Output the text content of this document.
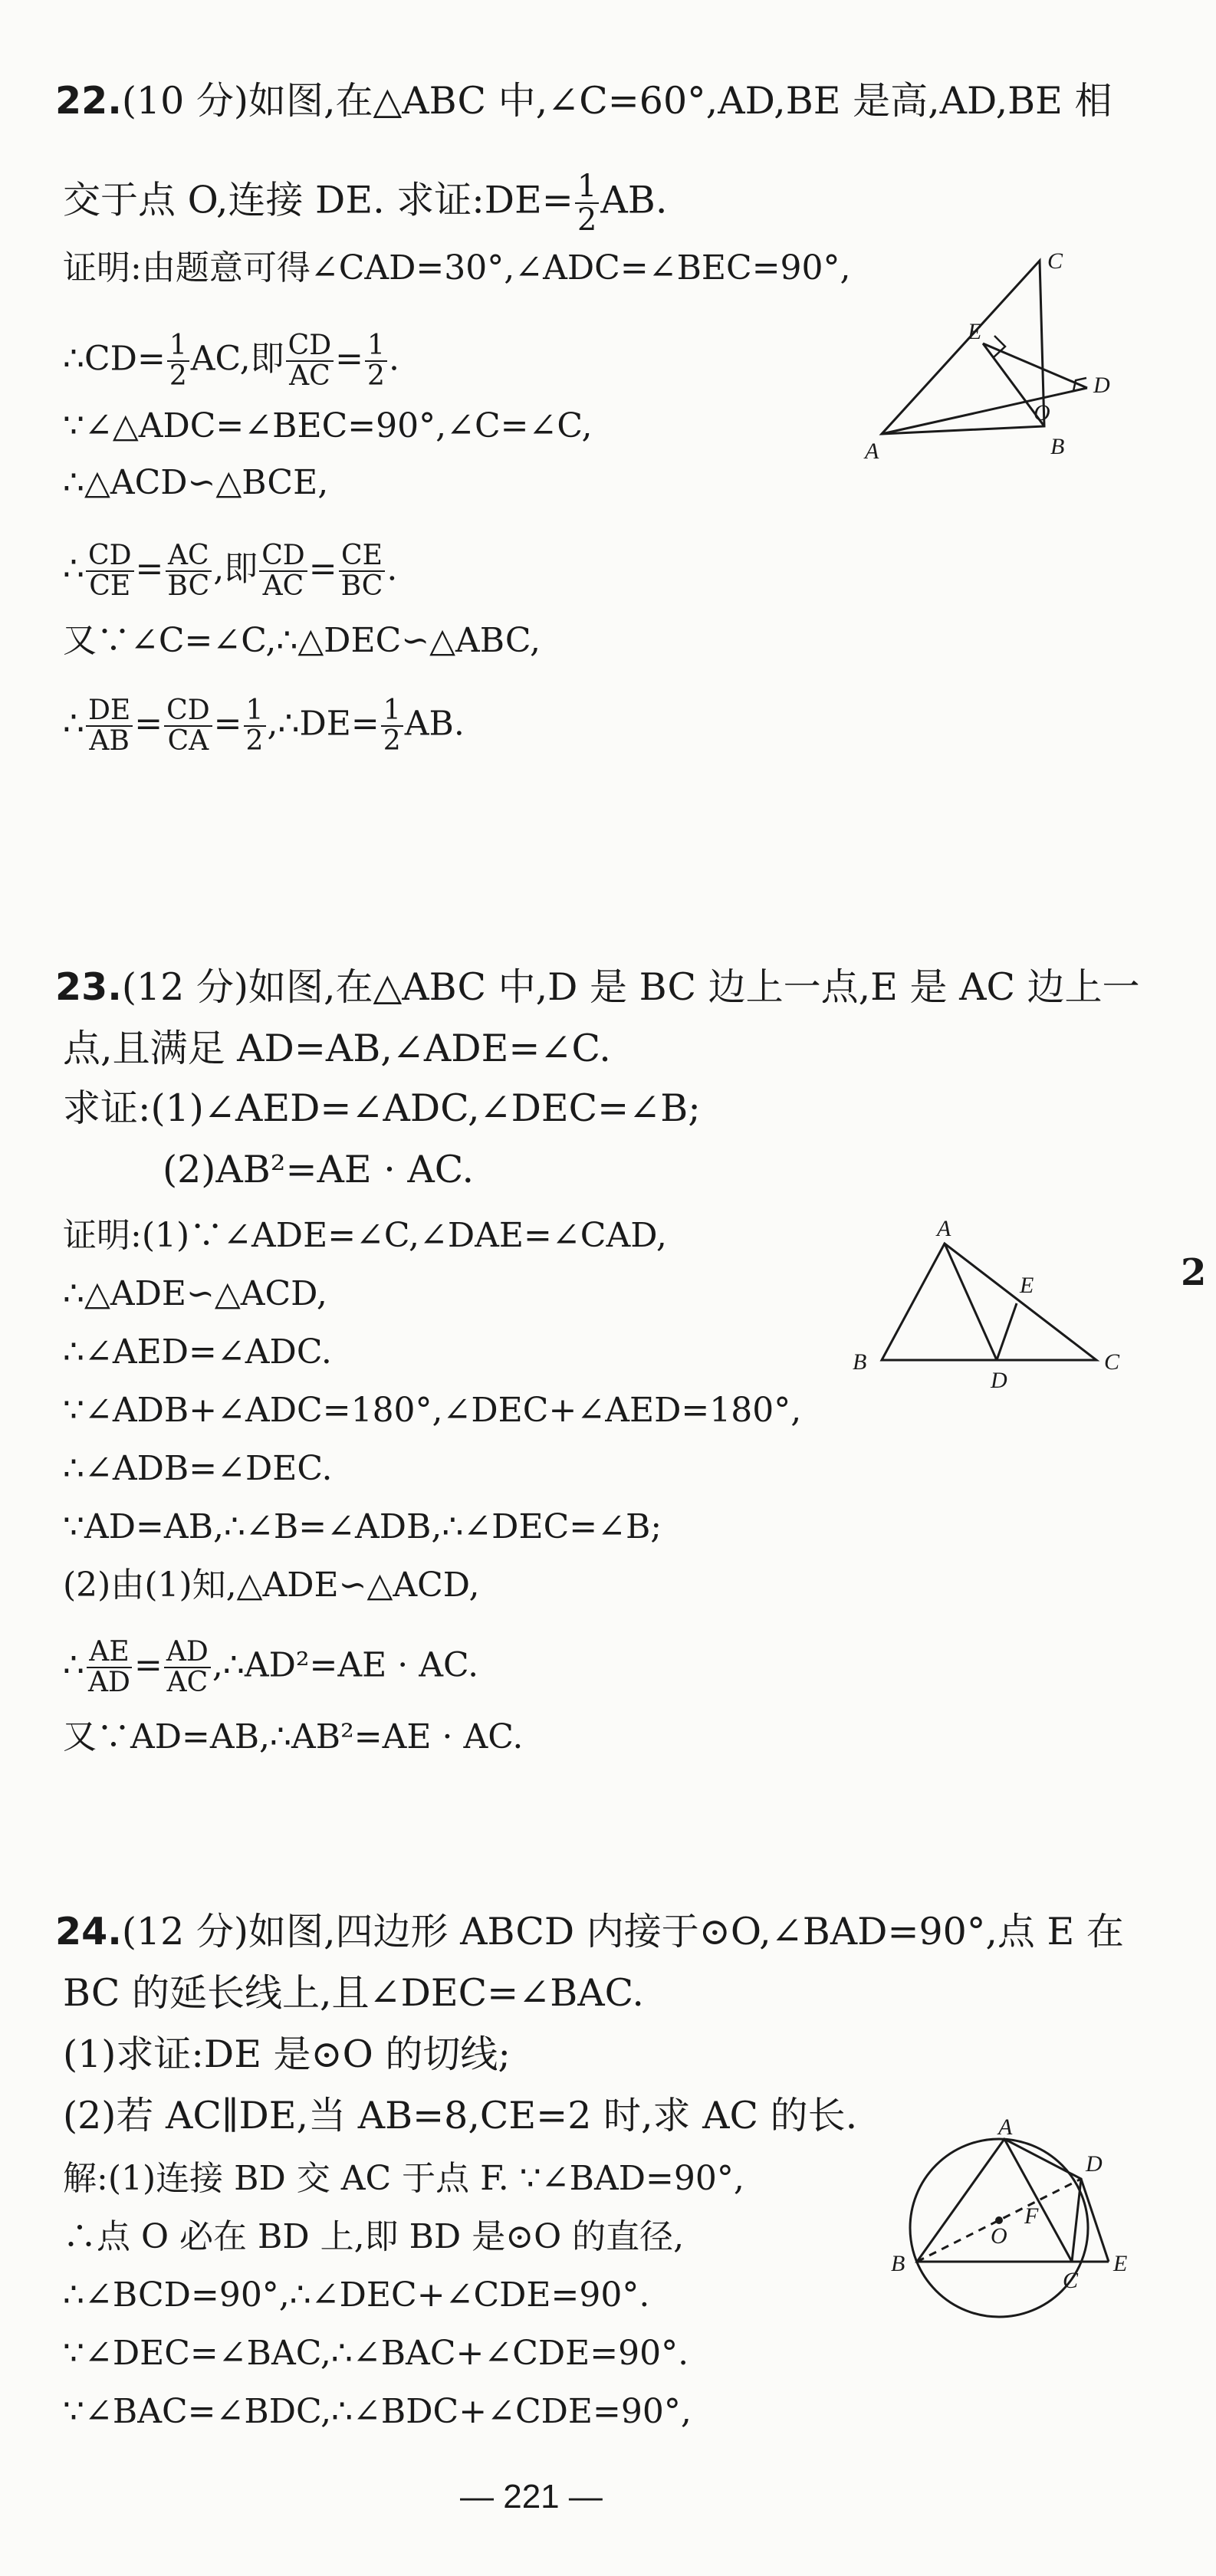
22.(10 分)如图,在△ABC 中,∠C=60°,AD,BE 是高,AD,BE 相
交于点 O,连接 DE. 求证:DE= $\frac{1}{2}$ AB.
证明:由题意可得∠CAD=30°,∠ADC=∠BEC=90°,
∴CD= $\frac{1}{2}$ AC,即 $\frac{CD}{AC} = \frac{1}{2}$ .
∵∠△ADC=∠BEC=90°,∠C=∠C,
∴△ACD∽△BCE,
∴ $\frac{CD}{CE} = \frac{AC}{BC}$ ,即 $\frac{CD}{AC} = \frac{CE}{BC}$ .
又∵∠C=∠C,∴△DEC∽△ABC,
∴ $\frac{DE}{AB} = \frac{CD}{CA} = \frac{1}{2}$ ,∴DE= $\frac{1}{2}$ AB.
C
E
D
O
A	B
23.(12 分)如图,在△ABC 中,D 是 BC 边上一点,E 是 AC 边上一
点,且满足 AD=AB,∠ADE=∠C.
求证:(1)∠AED=∠ADC,∠DEC=∠B;
(2)AB²=AE · AC.
证明:(1)∵∠ADE=∠C,∠DAE=∠CAD,
∴△ADE∽△ACD,
∴∠AED=∠ADC.
∵∠ADB+∠ADC=180°,∠DEC+∠AED=180°,
∴∠ADB=∠DEC.
∵AD=AB,∴∠B=∠ADB,∴∠DEC=∠B;
(2)由(1)知,△ADE∽△ACD,
∴ $\frac{AE}{AD} = \frac{AD}{AC}$ ,∴AD²=AE · AC.
又∵AD=AB,∴AB²=AE · AC.
A
E
B
D
C
24.(12 分)如图,四边形 ABCD 内接于⊙O,∠BAD=90°,点 E 在
BC 的延长线上,且∠DEC=∠BAC.
(1)求证:DE 是⊙O 的切线;
(2)若 AC∥DE,当 AB=8,CE=2 时,求 AC 的长.
解:(1)连接 BD 交 AC 于点 F. ∵∠BAD=90°,
∴点 O 必在 BD 上,即 BD 是⊙O 的直径,
∴∠BCD=90°,∴∠DEC+∠CDE=90°.
∵∠DEC=∠BAC,∴∠BAC+∠CDE=90°.
∵∠BAC=∠BDC,∴∠BDC+∠CDE=90°,
A
D
F
O
B
C
E
2
— 221 —
